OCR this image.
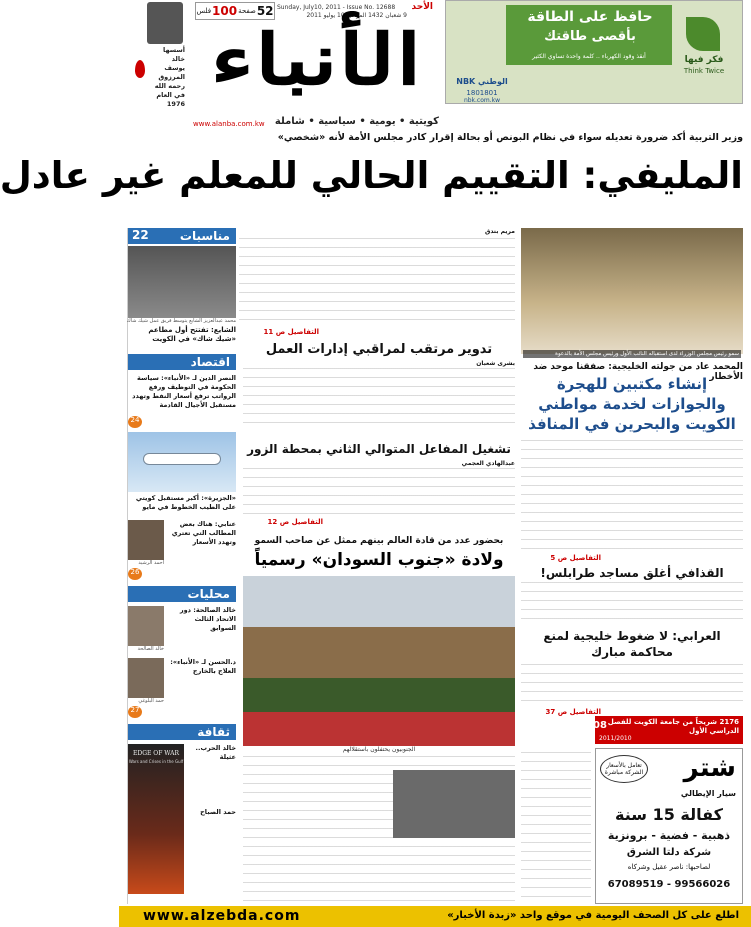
أسسها خالد يوسف المرزوق رحمه الله في العام 1976
52
صفحة
100
فلس	Sunday, July10, 2011 - Issue No. 12688
9 شعبان 1432 الموافق 10 يوليو 2011
الأحد
الأنباء
كويتية • يومية • سياسية • شاملة
www.alanba.com.kw
حافظ على الطاقة
بأقصى طاقتك
أنقذ وقود الكهرباء .. كلمة واحدة تساوي الكثير	فكر فيها
Think Twice
الوطني NBK
1801801
nbk.com.kw
وزير التربية أكد ضرورة تعديله سواء في نظام البونص أو بحالة إقرار كادر مجلس الأمة لأنه «شخصي»
المليفي: التقييم الحالي للمعلم غير عادل
سمو رئيس مجلس الوزراء لدى استقباله النائب الأول ورئيس مجلس الأمة بالدعوة
المحمد عاد من جولته الخليجية: صفقنا موحد ضد الأخطار
إنشاء مكتبين للهجرة والجوازات لخدمة مواطني الكويت والبحرين في المنافذ
التفاصيل ص 5
مريم بندق
التفاصيل ص 11
تدوير مرتقب لمراقبي إدارات العمل
بشرى شعبان
تشغيل المفاعل المتوالي الثاني بمحطة الزور
عبدالهادي العجمي
التفاصيل ص 12
بحضور عدد من قادة العالم بينهم ممثل عن صاحب السمو
ولادة «جنوب السودان» رسمياً
الجنوبيون يحتفلون باستقلالهم
القذافي أغلق مساجد طرابلس!
العرابي: لا ضغوط خليجية لمنع محاكمة مبارك
التفاصيل ص 37
2176 شريحاً من جامعة الكويت للفصل الدراسي الأول
2011/2010
08
شتر
سيار الإيطالي
تعامل بالأسعار الشركة مباشرة
كفالة 15 سنة
ذهبية - فضية - برونزية
شركة دلتا الشرق
لصاحبها: ناصر عقيل وشركاه
67089519 - 99566026
مناسبات
22
محمد عبدالعزيز الشايع يتوسط فريق عمل شيك شاك
الشايع: تفتتح أول مطاعم «شيك شاك» في الكويت
اقتصاد
النصر الدين لـ «الأنباء»: سياسة الحكومة في التوظيف ورفع الرواتب ترفع أسعار النفط وتهدد مستقبل الأجيال القادمة
24
«الجزيرة»: أكبر مستقبل كويتي على الطيب الخطوط في مايو
أحمد الرشيد
عنابي: هناك بعض المطالب التي تعتري وتهدد الأسعار
26
محليات
خالد الصالحة
خالد الصالحة: دور الاتحاد الثالث السوابق
حمد البلوغي
د.الحسن لـ «الأنباء»: العلاج بالخارج
27
ثقافة
EDGE OF WAR
Wars and Crises in the Gulf
خالد الحرب.. عثيلة
حمد الصباح
www.alzebda.com	اطلع على كل الصحف اليومية في موقع واحد «زبدة الأخبار»
